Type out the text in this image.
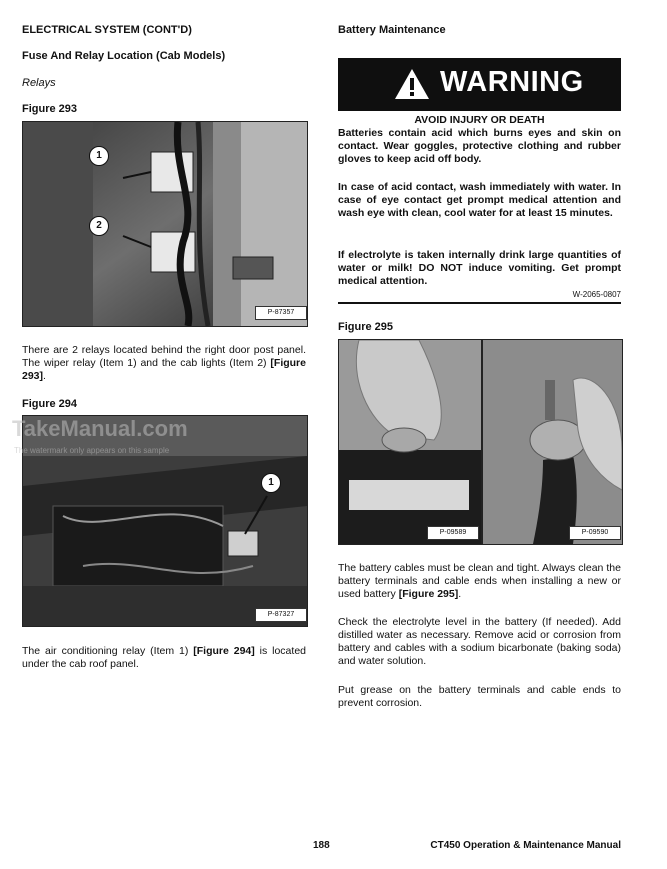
ELECTRICAL SYSTEM (CONT'D)
Fuse And Relay Location (Cab Models)
Relays
Figure 293
1
2
P-87357
There are 2 relays located behind the right door post panel. The wiper relay (Item 1) and the cab lights (Item 2) [Figure 293].
Figure 294
1
P-87327
TakeManual.com
The watermark only appears on this sample
The air conditioning relay (Item 1) [Figure 294] is located under the cab roof panel.
Battery Maintenance
WARNING
AVOID INJURY OR DEATH
Batteries contain acid which burns eyes and skin on contact. Wear goggles, protective clothing and rubber gloves to keep acid off body.
In case of acid contact, wash immediately with water. In case of eye contact get prompt medical attention and wash eye with clean, cool water for at least 15 minutes.
If electrolyte is taken internally drink large quantities of water or milk! DO NOT induce vomiting. Get prompt medical attention.
W-2065-0807
Figure 295
P-09589	P-09590
The battery cables must be clean and tight. Always clean the battery terminals and cable ends when installing a new or used battery [Figure 295].
Check the electrolyte level in the battery (If needed). Add distilled water as necessary. Remove acid or corrosion from battery and cables with a sodium bicarbonate (baking soda) and water solution.
Put grease on the battery terminals and cable ends to prevent corrosion.
188	CT450 Operation & Maintenance Manual
